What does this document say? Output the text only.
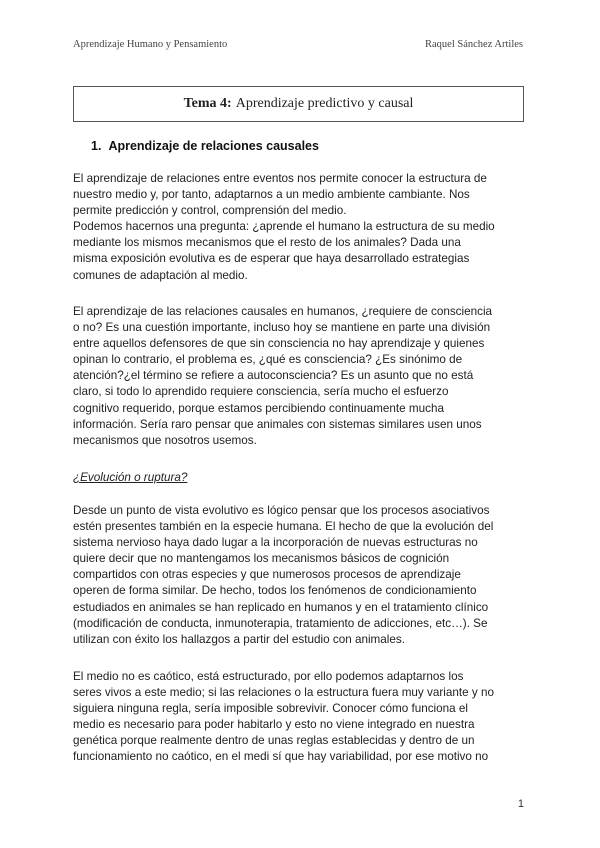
Aprendizaje Humano y Pensamiento	Raquel Sánchez Artiles
Tema 4: Aprendizaje predictivo y causal
1. Aprendizaje de relaciones causales
El aprendizaje de relaciones entre eventos nos permite conocer la estructura de
nuestro medio y, por tanto, adaptarnos a un medio ambiente cambiante. Nos
permite predicción y control, comprensión del medio.
Podemos hacernos una pregunta: ¿aprende el humano la estructura de su medio
mediante los mismos mecanismos que el resto de los animales? Dada una
misma exposición evolutiva es de esperar que haya desarrollado estrategias
comunes de adaptación al medio.
El aprendizaje de las relaciones causales en humanos, ¿requiere de consciencia
o no? Es una cuestión importante, incluso hoy se mantiene en parte una división
entre aquellos defensores de que sin consciencia no hay aprendizaje y quienes
opinan lo contrario, el problema es, ¿qué es consciencia? ¿Es sinónimo de
atención?¿el término se refiere a autoconsciencia? Es un asunto que no está
claro, si todo lo aprendido requiere consciencia, sería mucho el esfuerzo
cognitivo requerido, porque estamos percibiendo continuamente mucha
información. Sería raro pensar que animales con sistemas similares usen unos
mecanismos que nosotros usemos.
¿Evolución o ruptura?
Desde un punto de vista evolutivo es lógico pensar que los procesos asociativos
estén presentes también en la especie humana. El hecho de que la evolución del
sistema nervioso haya dado lugar a la incorporación de nuevas estructuras no
quiere decir que no mantengamos los mecanismos básicos de cognición
compartidos con otras especies y que numerosos procesos de aprendizaje
operen de forma similar. De hecho, todos los fenómenos de condicionamiento
estudiados en animales se han replicado en humanos y en el tratamiento clínico
(modificación de conducta, inmunoterapia, tratamiento de adicciones, etc…). Se
utilizan con éxito los hallazgos a partir del estudio con animales.
El medio no es caótico, está estructurado, por ello podemos adaptarnos los
seres vivos a este medio; si las relaciones o la estructura fuera muy variante y no
siguiera ninguna regla, sería imposible sobrevivir. Conocer cómo funciona el
medio es necesario para poder habitarlo y esto no viene integrado en nuestra
genética porque realmente dentro de unas reglas establecidas y dentro de un
funcionamiento no caótico, en el medi sí que hay variabilidad, por ese motivo no
1
